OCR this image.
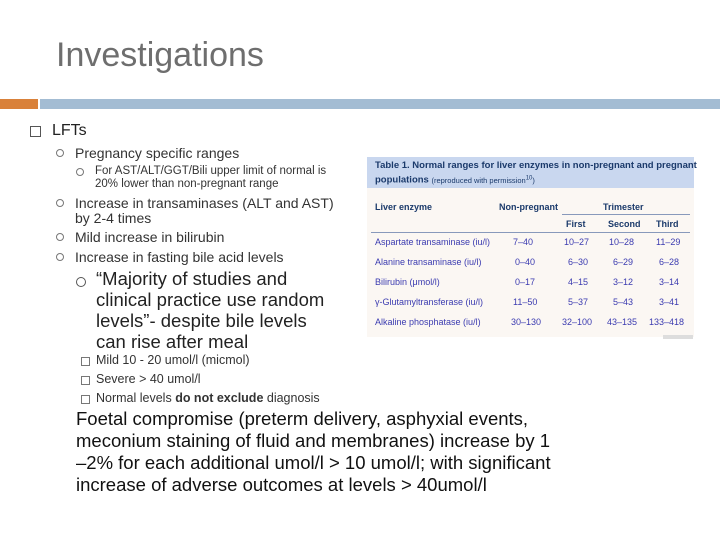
Investigations
LFTs
Pregnancy specific ranges
For AST/ALT/GGT/Bili upper limit of normal is
20% lower than non-pregnant range
Increase in transaminases (ALT and AST)
by 2-4 times
Mild increase in bilirubin
Increase in fasting bile acid levels
“Majority of studies and
clinical practice use random
levels”- despite bile levels
can rise after meal
Mild 10 - 20 umol/l (micmol)
Severe > 40 umol/l
Normal levels do not exclude diagnosis
Foetal compromise (preterm delivery, asphyxial events,
meconium staining of fluid and membranes) increase by 1
–2% for each additional umol/l > 10 umol/l; with significant
increase of adverse outcomes at levels > 40umol/l
Table 1. Normal ranges for liver enzymes in non-pregnant and pregnant
populations (reproduced with permission$^{10}$)
Liver enzyme	Non-pregnant	Trimester
First Second Third
Aspartate transaminase (iu/l)	7–40	10–27 10–28 11–29
Alanine transaminase (iu/l)	0–40	6–30	6–29	6–28
Bilirubin (μmol/l)	0–17	4–15	3–12	3–14
γ-Glutamyltransferase (iu/l)	11–50	5–37	5–43	3–41
Alkaline phosphatase (iu/l)	30–130 32–100 43–135 133–418
